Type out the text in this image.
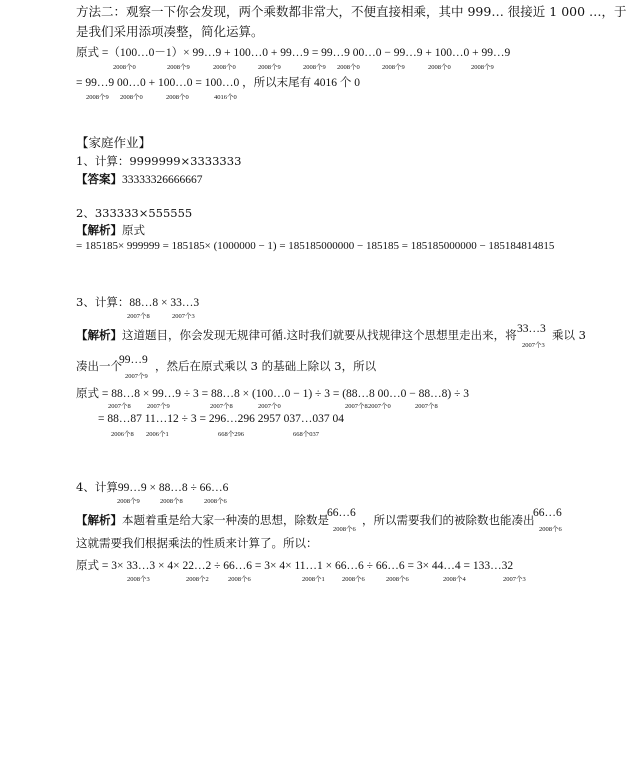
方法二：观察一下你会发现，两个乘数都非常大，不便直接相乘，其中 999… 很接近 1 000 …，于
是我们采用添项凑整，简化运算。
原式 =（100…0－1）× 99…9 + 100…0 + 99…9 = 99…9 00…0 − 99…9 + 100…0 + 99…9
2008个0	2008个9	2008个0	2008个9	2008个9 2008个0	2008个9	2008个0	2008个9
= 99…9 00…0 + 100…0 = 100…0 ，所以末尾有 4016 个 0
2008个9 2008个0	2008个0	4016个0
【家庭作业】
1、计算：9999999×3333333
【答案】33333326666667
2、333333×555555
【解析】原式
= 185185× 999999 = 185185× (1000000 − 1) = 185185000000 − 185185 = 185185000000 − 185184814815
3、计算：88…8 × 33…3
2007个8	2007个3
【解析】这道题目，你会发现无规律可循.这时我们就要从找规律这个思想里走出来，将 33…3
2007个3
乘以 3
凑出一个
99…9
2007个9
，然后在原式乘以 3 的基础上除以 3，所以
原式 = 88…8 × 99…9 ÷ 3 = 88…8 × (100…0 − 1) ÷ 3 = (88…8 00…0 − 88…8) ÷ 3
2007个8	2007个9	2007个8	2007个0	2007个8 2007个0	2007个8
= 88…87 11…12 ÷ 3 = 296…296 2957 037…037 04
2006个8 2006个1	668个296	668个037
4、计算99…9 × 88…8 ÷ 66…6
2008个9	2008个8	2008个6
【解析】本题着重是给大家一种凑的思想，除数是
66…6
2008个6
，所以需要我们的被除数也能凑出
66…6
2008个6
这就需要我们根据乘法的性质来计算了。所以：
原式 = 3× 33…3 × 4× 22…2 ÷ 66…6 = 3× 4× 11…1 × 66…6 ÷ 66…6 = 3× 44…4 = 133…32
2008个3	2008个2	2008个6	2008个1	2008个6	2008个6	2008个4	2007个3
